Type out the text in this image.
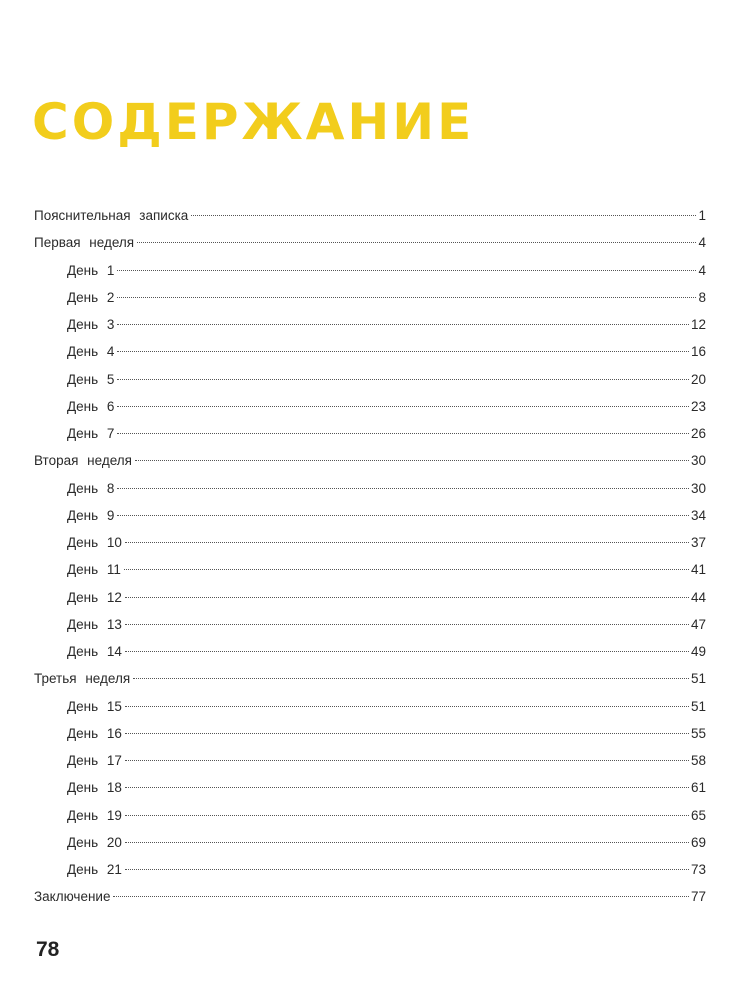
СОДЕРЖАНИЕ
Пояснительная записка	1
Первая неделя	4
День 1	4
День 2	8
День 3	12
День 4	16
День 5	20
День 6	23
День 7	26
Вторая неделя	30
День 8	30
День 9	34
День 10	37
День 11	41
День 12	44
День 13	47
День 14	49
Третья неделя	51
День 15	51
День 16	55
День 17	58
День 18	61
День 19	65
День 20	69
День 21	73
Заключение	77
78
